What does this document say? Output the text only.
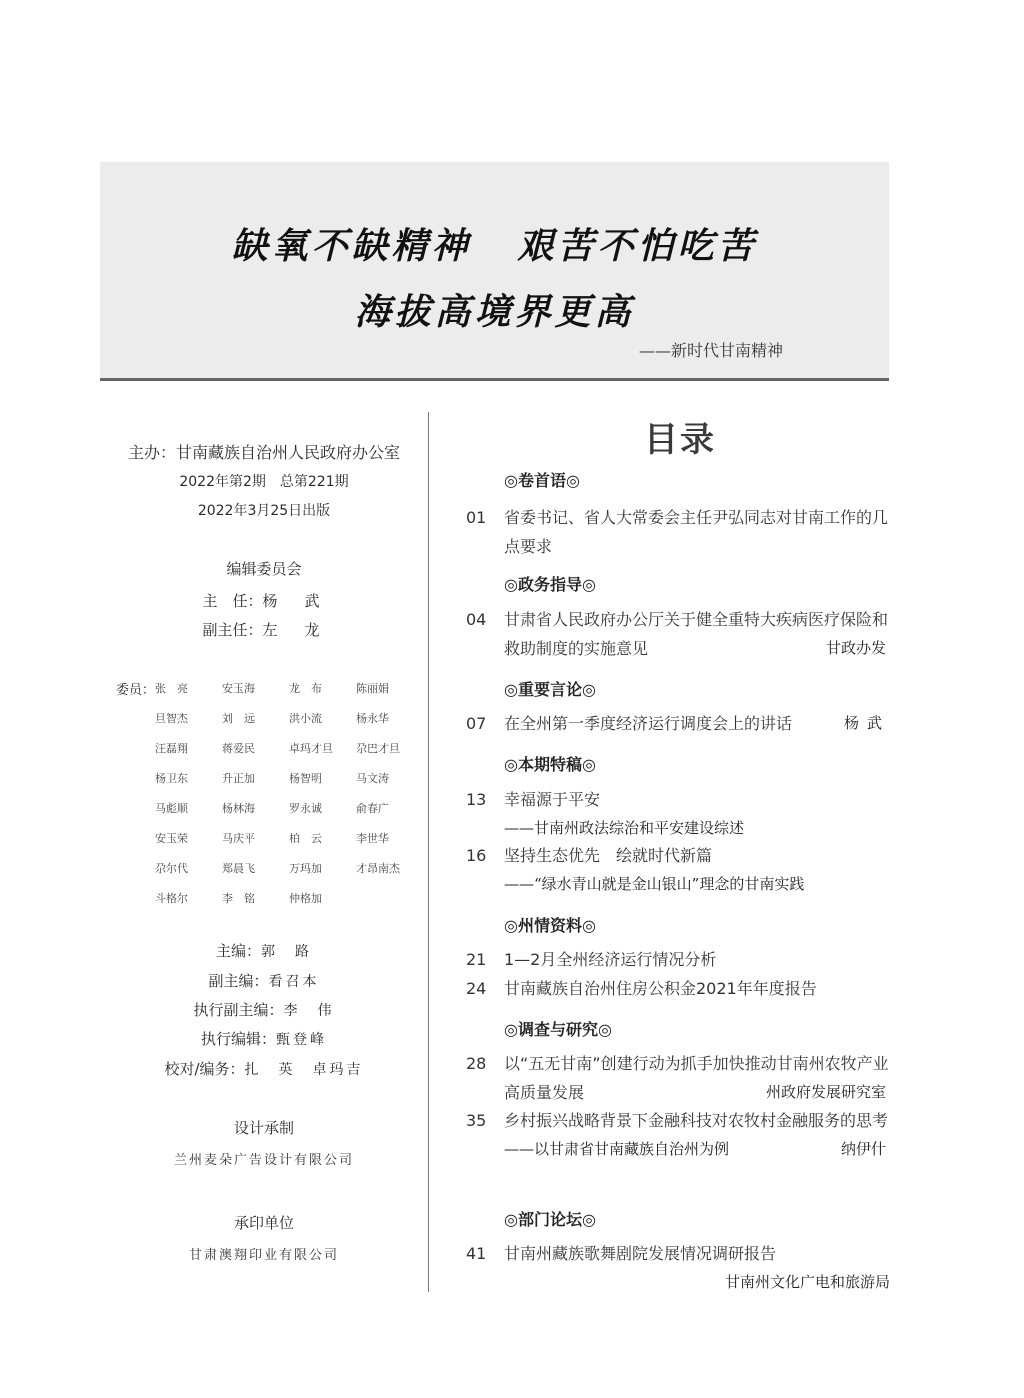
缺氧不缺精神 艰苦不怕吃苦
海拔高境界更高
——新时代甘南精神
主办：甘南藏族自治州人民政府办公室
2022年第2期　总第221期
2022年3月25日出版
编辑委员会
主　任：杨　武
副主任：左　龙
委员： 张　亮	安玉海	龙　布	陈丽娟
旦智杰	刘　远	洪小流	杨永华
汪磊翔	蒋爱民	卓玛才旦	尕巴才旦
杨卫东	升正加	杨智明	马文涛
马彪顺	杨林海	罗永诚	俞春广
安玉荣	马庆平	柏　云	李世华
尕尔代	郑晨飞	万玛加	才昂南杰
斗格尔	李　铭	仲格加
主编：郭　路
副主编：看召本
执行副主编：李　伟
执行编辑：甄登峰
校对/编务：扎　英　卓玛吉
设计承制
兰州麦朵广告设计有限公司
承印单位
甘肃澳翔印业有限公司
目录
◎卷首语◎
01	省委书记、省人大常委会主任尹弘同志对甘南工作的几点要求
◎政务指导◎
04	甘肃省人民政府办公厅关于健全重特大疾病医疗保险和救助制度的实施意见	甘政办发
◎重要言论◎
07	在全州第一季度经济运行调度会上的讲话	杨武
◎本期特稿◎
13	幸福源于平安
——甘南州政法综治和平安建设综述
16	坚持生态优先　绘就时代新篇
——“绿水青山就是金山银山”理念的甘南实践
◎州情资料◎
21	1—2月全州经济运行情况分析
24	甘南藏族自治州住房公积金2021年年度报告
◎调查与研究◎
28	以“五无甘南”创建行动为抓手加快推动甘南州农牧产业高质量发展	州政府发展研究室
35	乡村振兴战略背景下金融科技对农牧村金融服务的思考
——以甘肃省甘南藏族自治州为例	纳伊什
◎部门论坛◎
41	甘南州藏族歌舞剧院发展情况调研报告
甘南州文化广电和旅游局
